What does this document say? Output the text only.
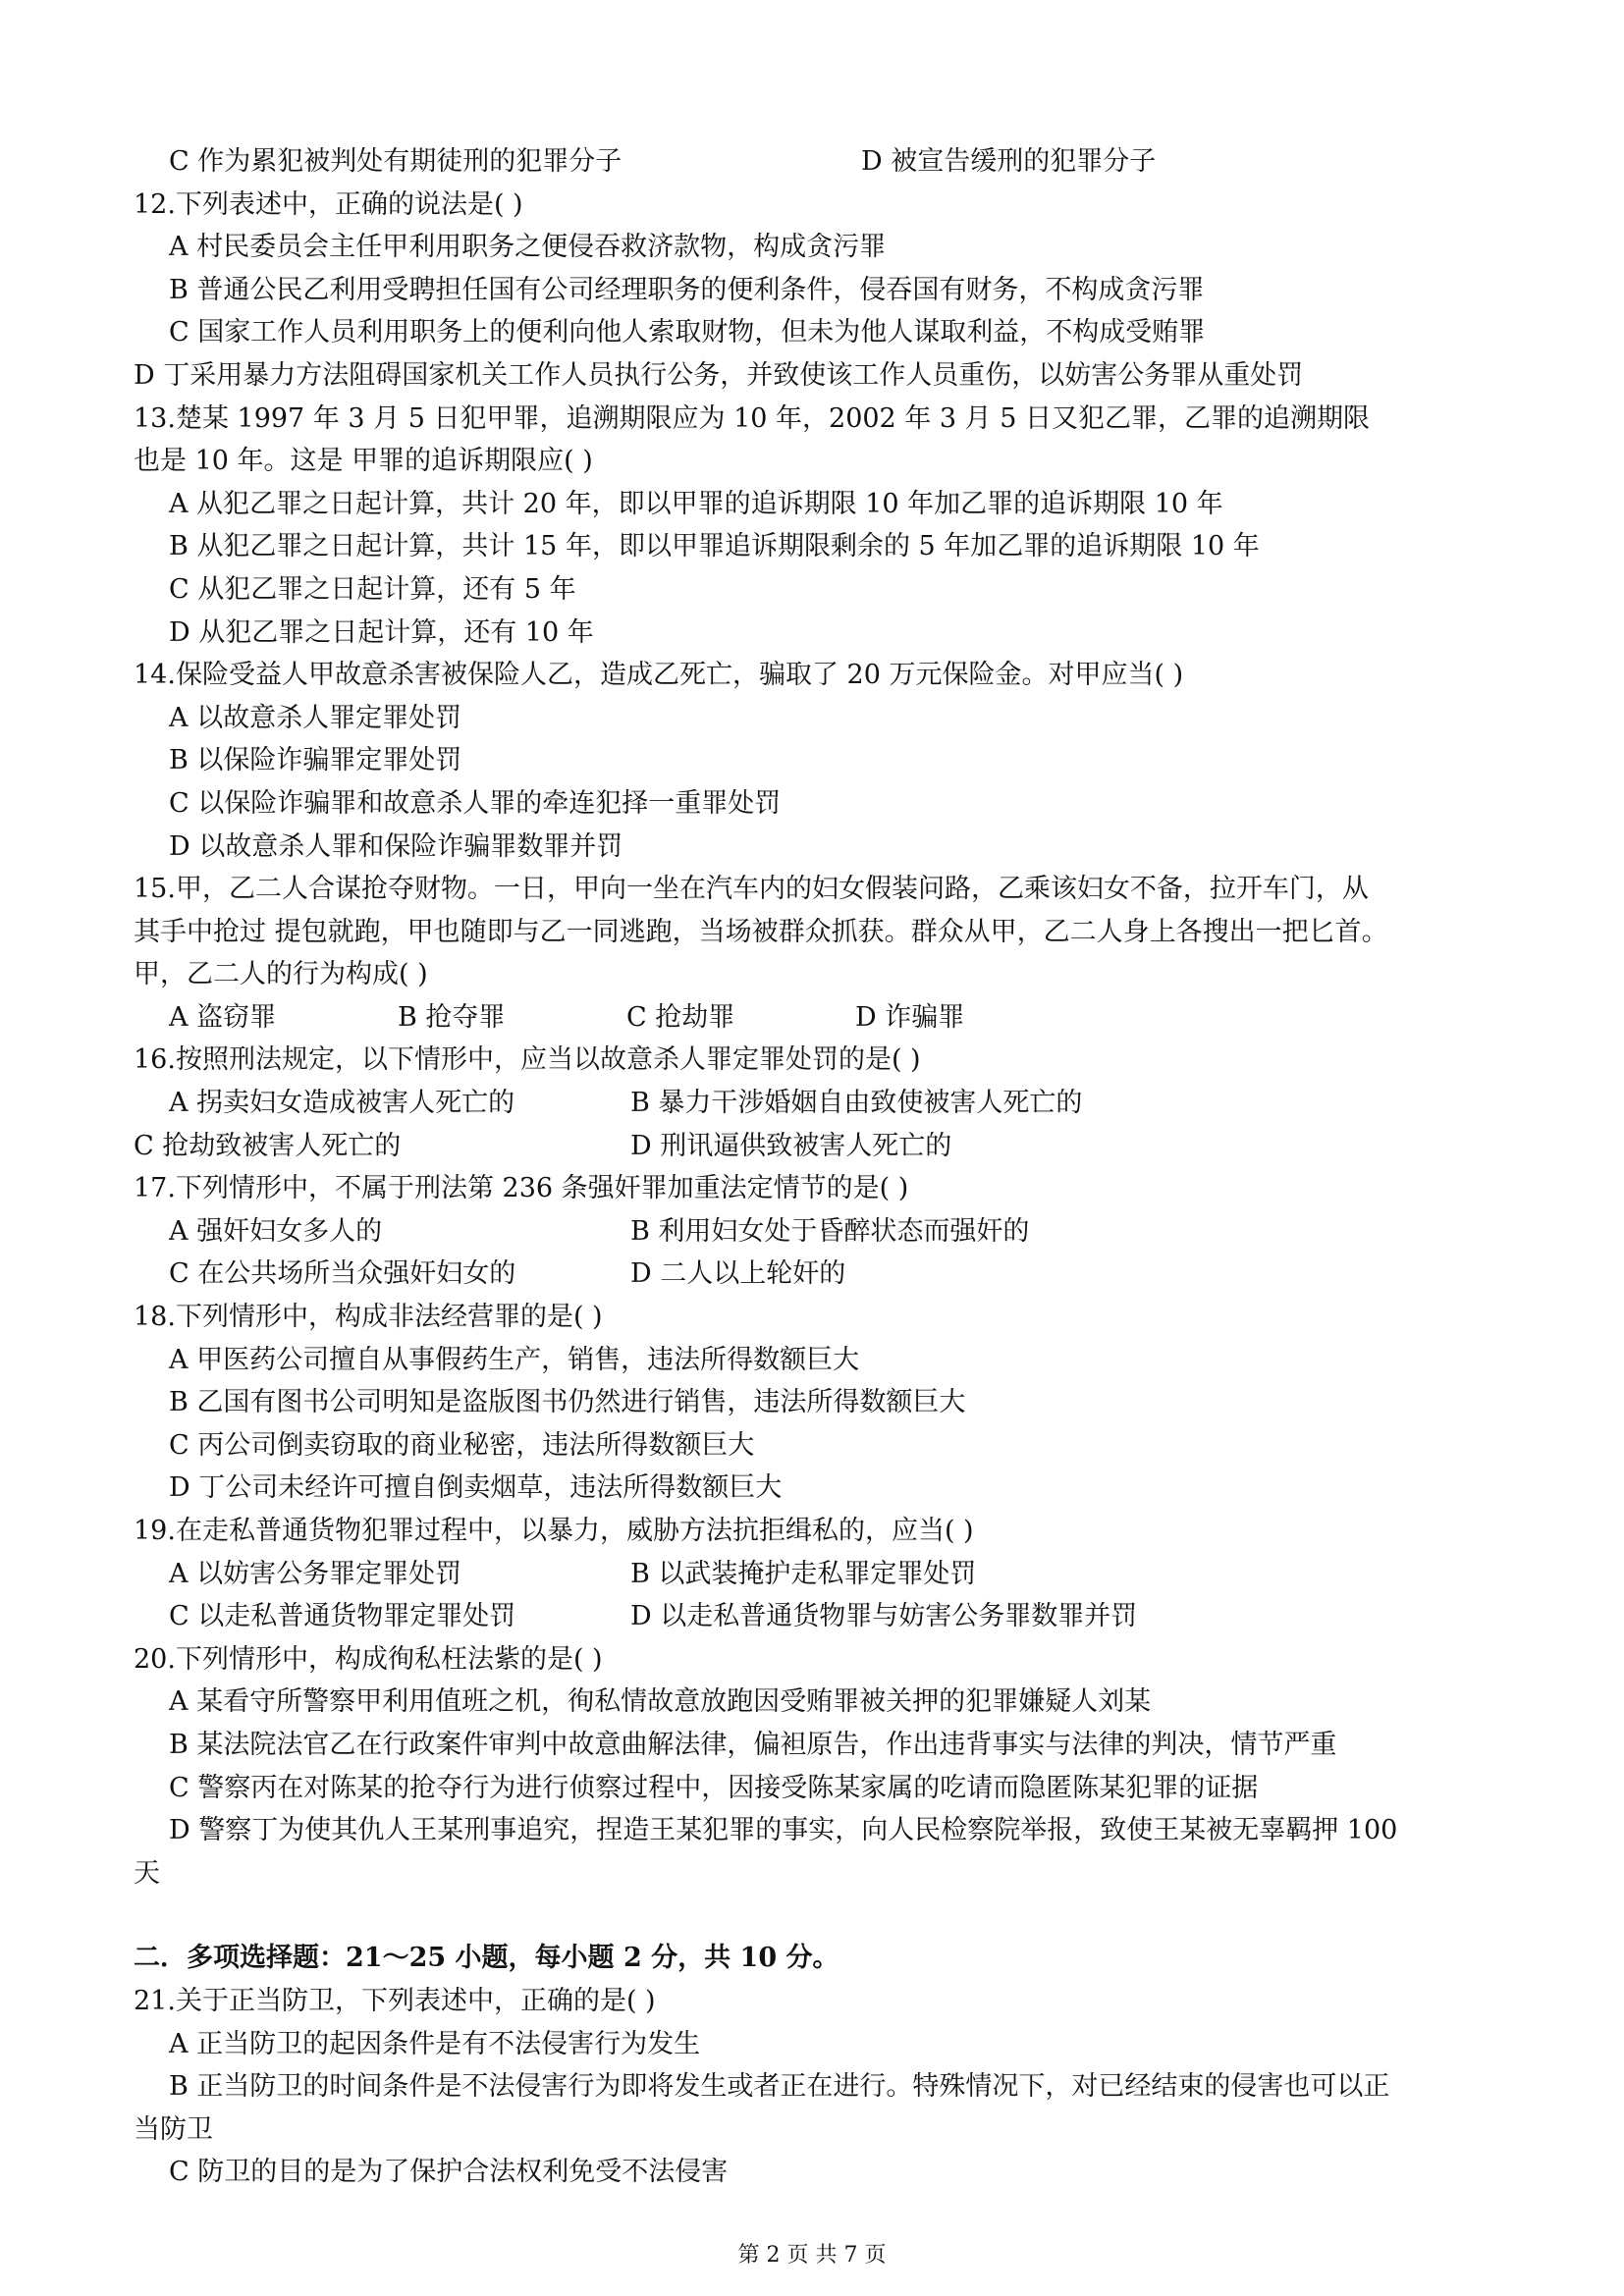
C 作为累犯被判处有期徒刑的犯罪分子	D 被宣告缓刑的犯罪分子
12.下列表述中，正确的说法是( )
A 村民委员会主任甲利用职务之便侵吞救济款物，构成贪污罪
B 普通公民乙利用受聘担任国有公司经理职务的便利条件，侵吞国有财务，不构成贪污罪
C 国家工作人员利用职务上的便利向他人索取财物，但未为他人谋取利益，不构成受贿罪
D 丁采用暴力方法阻碍国家机关工作人员执行公务，并致使该工作人员重伤，以妨害公务罪从重处罚
13.楚某 1997 年 3 月 5 日犯甲罪，追溯期限应为 10 年，2002 年 3 月 5 日又犯乙罪，乙罪的追溯期限
也是 10 年。这是 甲罪的追诉期限应( )
A 从犯乙罪之日起计算，共计 20 年，即以甲罪的追诉期限 10 年加乙罪的追诉期限 10 年
B 从犯乙罪之日起计算，共计 15 年，即以甲罪追诉期限剩余的 5 年加乙罪的追诉期限 10 年
C 从犯乙罪之日起计算，还有 5 年
D 从犯乙罪之日起计算，还有 10 年
14.保险受益人甲故意杀害被保险人乙，造成乙死亡，骗取了 20 万元保险金。对甲应当( )
A 以故意杀人罪定罪处罚
B 以保险诈骗罪定罪处罚
C 以保险诈骗罪和故意杀人罪的牵连犯择一重罪处罚
D 以故意杀人罪和保险诈骗罪数罪并罚
15.甲，乙二人合谋抢夺财物。一日，甲向一坐在汽车内的妇女假装问路，乙乘该妇女不备，拉开车门，从
其手中抢过 提包就跑，甲也随即与乙一同逃跑，当场被群众抓获。群众从甲，乙二人身上各搜出一把匕首。
甲，乙二人的行为构成( )
A 盗窃罪	B 抢夺罪	C 抢劫罪	D 诈骗罪
16.按照刑法规定，以下情形中，应当以故意杀人罪定罪处罚的是( )
A 拐卖妇女造成被害人死亡的	B 暴力干涉婚姻自由致使被害人死亡的
C 抢劫致被害人死亡的	D 刑讯逼供致被害人死亡的
17.下列情形中，不属于刑法第 236 条强奸罪加重法定情节的是( )
A 强奸妇女多人的	B 利用妇女处于昏醉状态而强奸的
C 在公共场所当众强奸妇女的	D 二人以上轮奸的
18.下列情形中，构成非法经营罪的是( )
A 甲医药公司擅自从事假药生产，销售，违法所得数额巨大
B 乙国有图书公司明知是盗版图书仍然进行销售，违法所得数额巨大
C 丙公司倒卖窃取的商业秘密，违法所得数额巨大
D 丁公司未经许可擅自倒卖烟草，违法所得数额巨大
19.在走私普通货物犯罪过程中，以暴力，威胁方法抗拒缉私的，应当( )
A 以妨害公务罪定罪处罚	B 以武装掩护走私罪定罪处罚
C 以走私普通货物罪定罪处罚	D 以走私普通货物罪与妨害公务罪数罪并罚
20.下列情形中，构成徇私枉法紫的是( )
A 某看守所警察甲利用值班之机，徇私情故意放跑因受贿罪被关押的犯罪嫌疑人刘某
B 某法院法官乙在行政案件审判中故意曲解法律，偏袒原告，作出违背事实与法律的判决，情节严重
C 警察丙在对陈某的抢夺行为进行侦察过程中，因接受陈某家属的吃请而隐匿陈某犯罪的证据
D 警察丁为使其仇人王某刑事追究，捏造王某犯罪的事实，向人民检察院举报，致使王某被无辜羁押 100
天
二．多项选择题：21～25 小题，每小题 2 分，共 10 分。
21.关于正当防卫，下列表述中，正确的是( )
A 正当防卫的起因条件是有不法侵害行为发生
B 正当防卫的时间条件是不法侵害行为即将发生或者正在进行。特殊情况下，对已经结束的侵害也可以正
当防卫
C 防卫的目的是为了保护合法权利免受不法侵害
第 2 页 共 7 页
